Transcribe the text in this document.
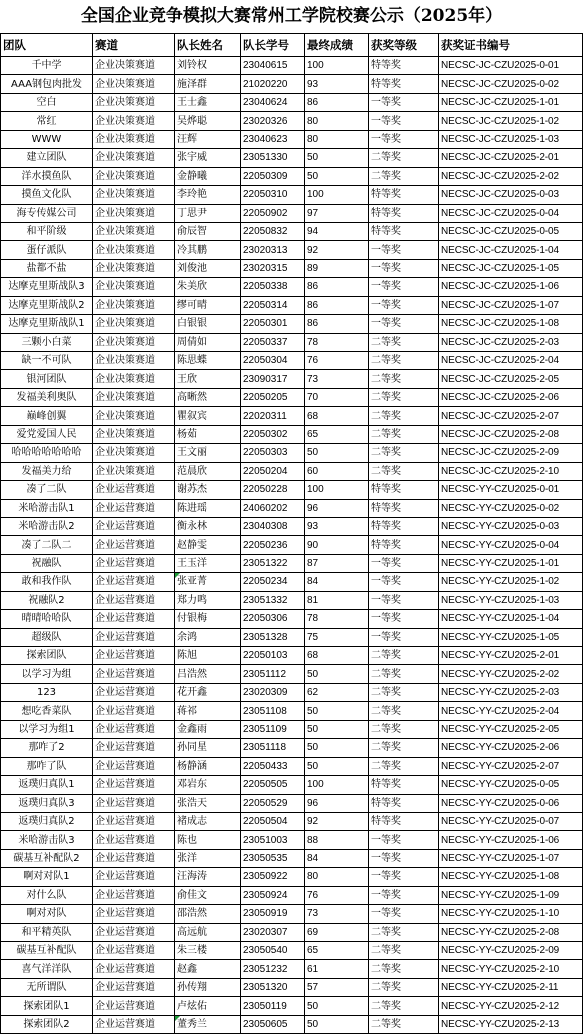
全国企业竞争模拟大赛常州工学院校赛公示（2025年）
团队	赛道	队长姓名	队长学号	最终成绩	获奖等级	获奖证书编号
千中学	企业决策赛道	刘铃权	23040615	100	特等奖	NECSC-JC-CZU2025-0-01
AAA钢包肉批发	企业决策赛道	施泽群	21020220	93	特等奖	NECSC-JC-CZU2025-0-02
空白	企业决策赛道	王士鑫	23040624	86	一等奖	NECSC-JC-CZU2025-1-01
常红	企业决策赛道	吴烨聪	23020326	80	一等奖	NECSC-JC-CZU2025-1-02
WWW	企业决策赛道	汪辉	23040623	80	一等奖	NECSC-JC-CZU2025-1-03
建立团队	企业决策赛道	张宇威	23051330	50	二等奖	NECSC-JC-CZU2025-2-01
洋水摸鱼队	企业决策赛道	金静曦	22050309	50	二等奖	NECSC-JC-CZU2025-2-02
摸鱼文化队	企业决策赛道	李玲艳	22050310	100	特等奖	NECSC-JC-CZU2025-0-03
海专传媒公司	企业决策赛道	丁思尹	22050902	97	特等奖	NECSC-JC-CZU2025-0-04
和平阶级	企业决策赛道	俞辰智	22050832	94	特等奖	NECSC-JC-CZU2025-0-05
蛋仔派队	企业决策赛道	冷其鹏	23020313	92	一等奖	NECSC-JC-CZU2025-1-04
盐都不盐	企业决策赛道	刘俊池	23020315	89	一等奖	NECSC-JC-CZU2025-1-05
达摩克里斯战队3	企业决策赛道	朱美欣	22050338	86	一等奖	NECSC-JC-CZU2025-1-06
达摩克里斯战队2	企业决策赛道	缪可晴	22050314	86	一等奖	NECSC-JC-CZU2025-1-07
达摩克里斯战队1	企业决策赛道	白银银	22050301	86	一等奖	NECSC-JC-CZU2025-1-08
三颗小白菜	企业决策赛道	周倩如	22050337	78	二等奖	NECSC-JC-CZU2025-2-03
缺一不可队	企业决策赛道	陈思蝶	22050304	76	二等奖	NECSC-JC-CZU2025-2-04
银河团队	企业决策赛道	王欣	23090317	73	二等奖	NECSC-JC-CZU2025-2-05
发福美利奥队	企业决策赛道	高晰然	22050205	70	二等奖	NECSC-JC-CZU2025-2-06
巅峰创翼	企业决策赛道	瞿叙宾	22020311	68	二等奖	NECSC-JC-CZU2025-2-07
爱党爱国人民	企业决策赛道	杨茹	22050302	65	二等奖	NECSC-JC-CZU2025-2-08
哈哈哈哈哈哈哈	企业决策赛道	王文丽	22050303	50	二等奖	NECSC-JC-CZU2025-2-09
发福美力给	企业决策赛道	范晨欣	22050204	60	二等奖	NECSC-JC-CZU2025-2-10
凑了二队	企业运营赛道	谢苏杰	22050228	100	特等奖	NECSC-YY-CZU2025-0-01
米哈游击队1	企业运营赛道	陈进瑶	24060202	96	特等奖	NECSC-YY-CZU2025-0-02
米哈游击队2	企业运营赛道	衡永林	23040308	93	特等奖	NECSC-YY-CZU2025-0-03
凑了二队二	企业运营赛道	赵静雯	22050236	90	特等奖	NECSC-YY-CZU2025-0-04
祝融队	企业运营赛道	王玉洋	23051322	87	一等奖	NECSC-YY-CZU2025-1-01
敢和我作队	企业运营赛道	张亚菁	22050234	84	一等奖	NECSC-YY-CZU2025-1-02
祝融队2	企业运营赛道	郑力鸣	23051332	81	一等奖	NECSC-YY-CZU2025-1-03
晴晴哈哈队	企业运营赛道	付银梅	22050306	78	一等奖	NECSC-YY-CZU2025-1-04
超级队	企业运营赛道	余鸿	23051328	75	一等奖	NECSC-YY-CZU2025-1-05
探索团队	企业运营赛道	陈旭	22050103	68	二等奖	NECSC-YY-CZU2025-2-01
以学习为组	企业运营赛道	吕浩然	23051112	50	二等奖	NECSC-YY-CZU2025-2-02
123	企业运营赛道	花开鑫	23020309	62	二等奖	NECSC-YY-CZU2025-2-03
想吃香菜队	企业运营赛道	蒋祁	23051108	50	二等奖	NECSC-YY-CZU2025-2-04
以学习为组1	企业运营赛道	金鑫雨	23051109	50	二等奖	NECSC-YY-CZU2025-2-05
那咋了2	企业运营赛道	孙同星	23051118	50	二等奖	NECSC-YY-CZU2025-2-06
那咋了队	企业运营赛道	杨静涵	22050433	50	二等奖	NECSC-YY-CZU2025-2-07
返璞归真队1	企业运营赛道	邓岩东	22050505	100	特等奖	NECSC-YY-CZU2025-0-05
返璞归真队3	企业运营赛道	张浩天	22050529	96	特等奖	NECSC-YY-CZU2025-0-06
返璞归真队2	企业运营赛道	褚成志	22050504	92	特等奖	NECSC-YY-CZU2025-0-07
米哈游击队3	企业运营赛道	陈也	23051003	88	一等奖	NECSC-YY-CZU2025-1-06
碳基互补配队2	企业运营赛道	张洋	23050535	84	一等奖	NECSC-YY-CZU2025-1-07
啊对对队1	企业运营赛道	汪海涛	23050922	80	一等奖	NECSC-YY-CZU2025-1-08
对什么队	企业运营赛道	俞佳文	23050924	76	一等奖	NECSC-YY-CZU2025-1-09
啊对对队	企业运营赛道	邵浩然	23050919	73	一等奖	NECSC-YY-CZU2025-1-10
和平精英队	企业运营赛道	高远航	23020307	69	二等奖	NECSC-YY-CZU2025-2-08
碳基互补配队	企业运营赛道	朱三楼	23050540	65	二等奖	NECSC-YY-CZU2025-2-09
喜气洋洋队	企业运营赛道	赵鑫	23051232	61	二等奖	NECSC-YY-CZU2025-2-10
无所谓队	企业运营赛道	孙传翔	23051320	57	二等奖	NECSC-YY-CZU2025-2-11
探索团队1	企业运营赛道	卢炫佑	23050119	50	二等奖	NECSC-YY-CZU2025-2-12
探索团队2	企业运营赛道	董秀兰	23050605	50	二等奖	NECSC-YY-CZU2025-2-13
